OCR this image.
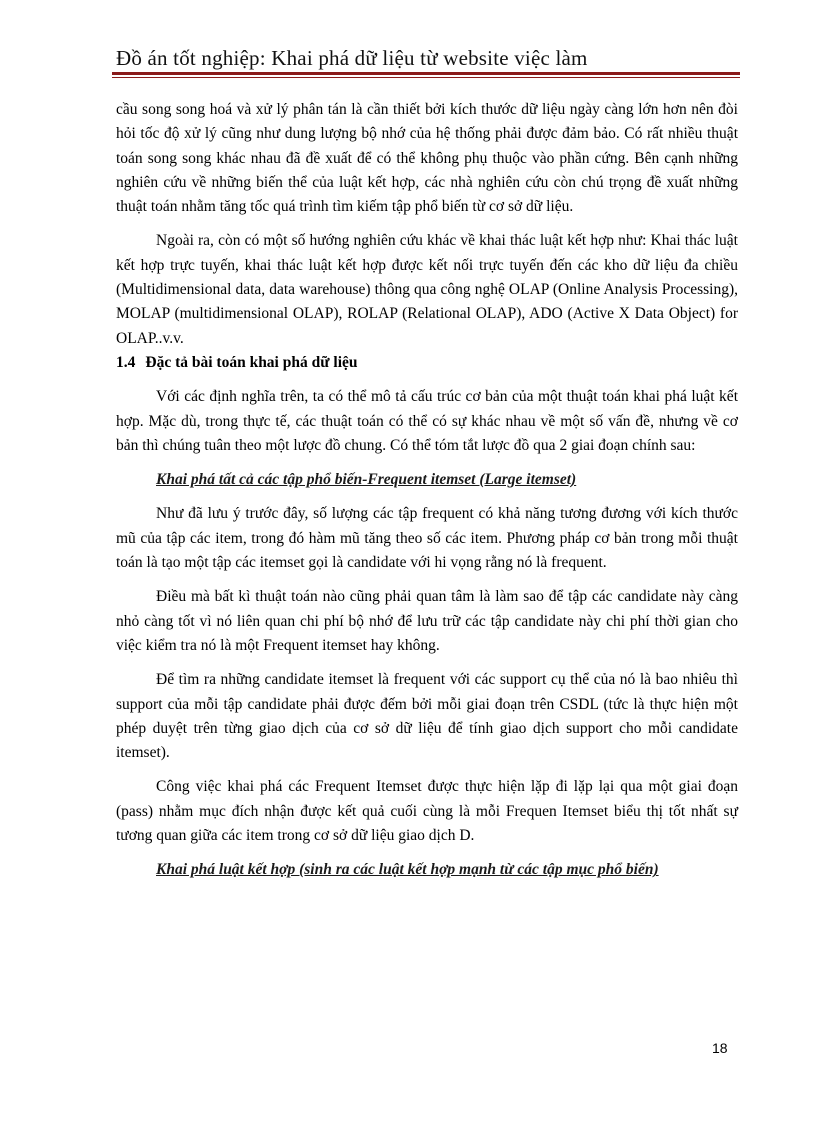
Đồ án tốt nghiệp: Khai phá dữ liệu từ website việc làm

cầu song song hoá và xử lý phân tán là cần thiết bởi kích thước dữ liệu ngày càng lớn hơn nên đòi hỏi tốc độ xử lý cũng như dung lượng bộ nhớ của hệ thống phải được đảm bảo. Có rất nhiều thuật toán song song khác nhau đã đề xuất để có thể không phụ thuộc vào phần cứng. Bên cạnh những nghiên cứu về những biến thể của luật kết hợp, các nhà nghiên cứu còn chú trọng đề xuất những thuật toán nhằm tăng tốc quá trình tìm kiếm tập phổ biến từ cơ sở dữ liệu.

Ngoài ra, còn có một số hướng nghiên cứu khác về khai thác luật kết hợp như: Khai thác luật kết hợp trực tuyến, khai thác luật kết hợp được kết nối trực tuyến đến các kho dữ liệu đa chiều (Multidimensional data, data warehouse) thông qua công nghệ OLAP (Online Analysis Processing), MOLAP (multidimensional OLAP), ROLAP (Relational OLAP), ADO (Active X Data Object) for OLAP..v.v.

1.4 Đặc tả bài toán khai phá dữ liệu

Với các định nghĩa trên, ta có thể mô tả cấu trúc cơ bản của một thuật toán khai phá luật kết hợp. Mặc dù, trong thực tế, các thuật toán có thể có sự khác nhau về một số vấn đề, nhưng về cơ bản thì chúng tuân theo một lược đồ chung. Có thể tóm tắt lược đồ qua 2 giai đoạn chính sau:

Khai phá tất cả các tập phổ biến-Frequent itemset (Large itemset)

Như đã lưu ý trước đây, số lượng các tập frequent có khả năng tương đương với kích thước mũ của tập các item, trong đó hàm mũ tăng theo số các item. Phương pháp cơ bản trong mỗi thuật toán là tạo một tập các itemset gọi là candidate với hi vọng rằng nó là frequent.

Điều mà bất kì thuật toán nào cũng phải quan tâm là làm sao để tập các candidate này càng nhỏ càng tốt vì nó liên quan chi phí bộ nhớ để lưu trữ các tập candidate này chi phí thời gian cho việc kiểm tra nó là một Frequent itemset hay không.

Để tìm ra những candidate itemset là frequent với các support cụ thể của nó là bao nhiêu thì support của mỗi tập candidate phải được đếm bởi mỗi giai đoạn trên CSDL (tức là thực hiện một phép duyệt trên từng giao dịch của cơ sở dữ liệu để tính giao dịch support cho mỗi candidate itemset).

Công việc khai phá các Frequent Itemset được thực hiện lặp đi lặp lại qua một giai đoạn (pass) nhằm mục đích nhận được kết quả cuối cùng là mỗi Frequen Itemset biểu thị tốt nhất sự tương quan giữa các item trong cơ sở dữ liệu giao dịch D.

Khai phá luật kết hợp (sinh ra các luật kết hợp mạnh từ các tập mục phổ biến)

18
